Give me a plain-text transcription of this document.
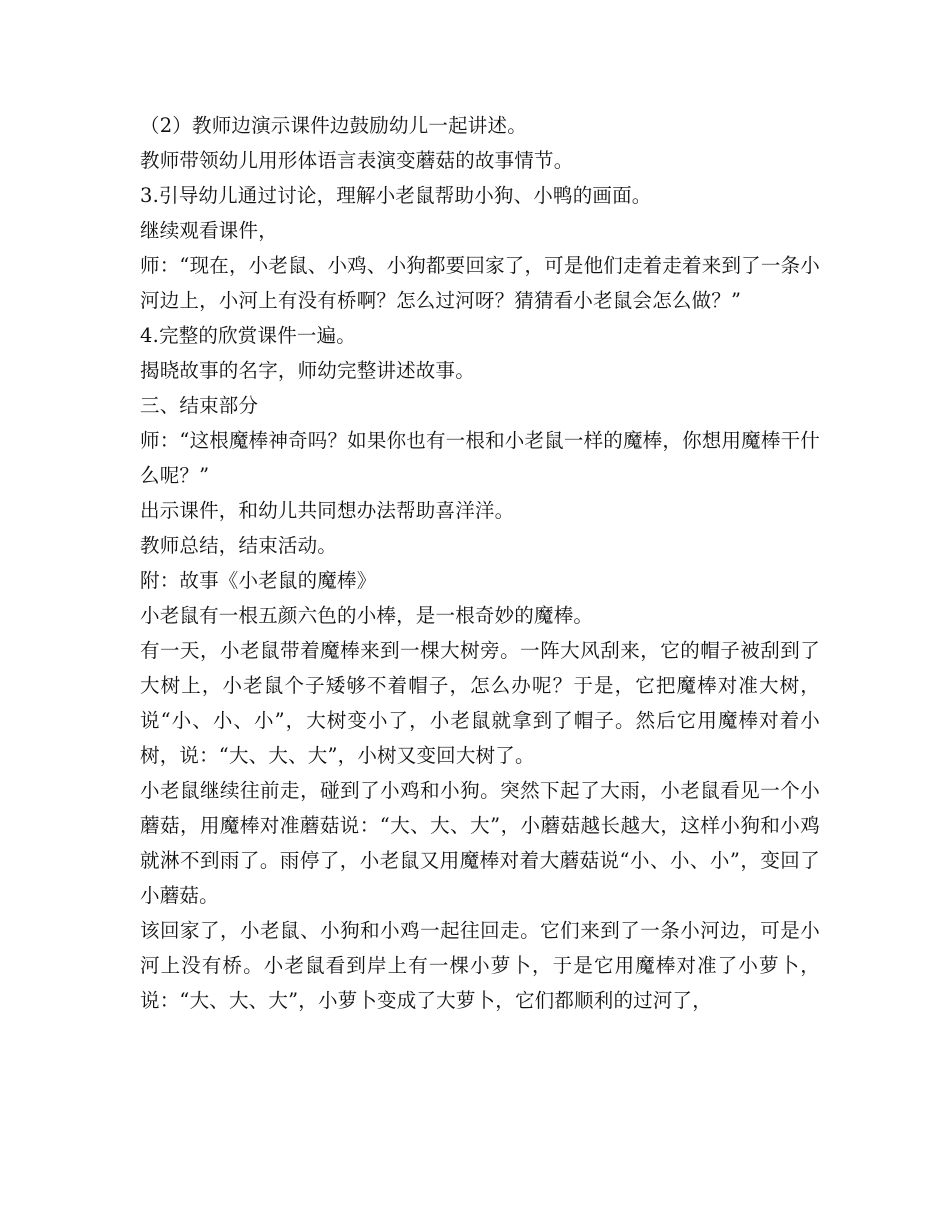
（2）教师边演示课件边鼓励幼儿一起讲述。

教师带领幼儿用形体语言表演变蘑菇的故事情节。

3.引导幼儿通过讨论，理解小老鼠帮助小狗、小鸭的画面。

继续观看课件，

师：“现在，小老鼠、小鸡、小狗都要回家了，可是他们走着走着来到了一条小河边上，小河上有没有桥啊？怎么过河呀？猜猜看小老鼠会怎么做？”

4.完整的欣赏课件一遍。

揭晓故事的名字，师幼完整讲述故事。

三、结束部分

师：“这根魔棒神奇吗？如果你也有一根和小老鼠一样的魔棒，你想用魔棒干什么呢？”

出示课件，和幼儿共同想办法帮助喜洋洋。

教师总结，结束活动。

附：故事《小老鼠的魔棒》

小老鼠有一根五颜六色的小棒，是一根奇妙的魔棒。

有一天，小老鼠带着魔棒来到一棵大树旁。一阵大风刮来，它的帽子被刮到了大树上，小老鼠个子矮够不着帽子，怎么办呢？于是，它把魔棒对准大树，说“小、小、小”，大树变小了，小老鼠就拿到了帽子。然后它用魔棒对着小树，说：“大、大、大”，小树又变回大树了。

小老鼠继续往前走，碰到了小鸡和小狗。突然下起了大雨，小老鼠看见一个小蘑菇，用魔棒对准蘑菇说：“大、大、大”，小蘑菇越长越大，这样小狗和小鸡就淋不到雨了。雨停了，小老鼠又用魔棒对着大蘑菇说“小、小、小”，变回了小蘑菇。

该回家了，小老鼠、小狗和小鸡一起往回走。它们来到了一条小河边，可是小河上没有桥。小老鼠看到岸上有一棵小萝卜，于是它用魔棒对准了小萝卜，说：“大、大、大”，小萝卜变成了大萝卜，它们都顺利的过河了，
